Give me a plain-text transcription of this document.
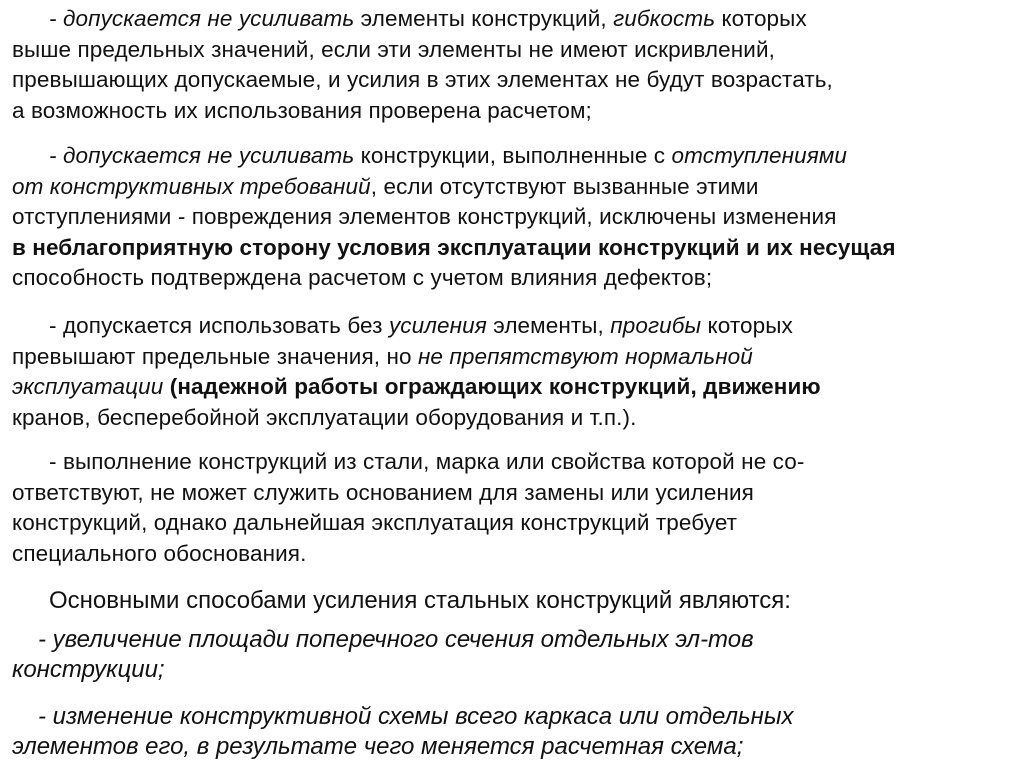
- допускается не усиливать элементы конструкций, гибкость которых
выше предельных значений, если эти элементы не имеют искривлений,
превышающих допускаемые, и усилия в этих элементах не будут возрастать,
а возможность их использования проверена расчетом;

- допускается не усиливать конструкции, выполненные с отступлениями
от конструктивных требований, если отсутствуют вызванные этими
отступлениями - повреждения элементов конструкций, исключены изменения
в неблагоприятную сторону условия эксплуатации конструкций и их несущая
способность подтверждена расчетом с учетом влияния дефектов;

- допускается использовать без усиления элементы, прогибы которых
превышают предельные значения, но не препятствуют нормальной
эксплуатации (надежной работы ограждающих конструкций, движению
кранов, бесперебойной эксплуатации оборудования и т.п.).

- выполнение конструкций из стали, марка или свойства которой не со-
ответствуют, не может служить основанием для замены или усиления
конструкций, однако дальнейшая эксплуатация конструкций требует
специального обоснования.

Основными способами усиления стальных конструкций являются:

- увеличение площади поперечного сечения отдельных эл-тов
конструкции;

- изменение конструктивной схемы всего каркаса или отдельных
элементов его, в результате чего меняется расчетная схема;
